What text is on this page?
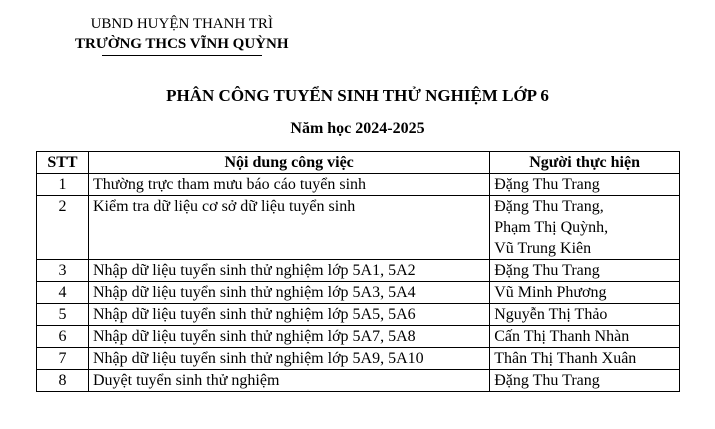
UBND HUYỆN THANH TRÌ
TRƯỜNG THCS VĨNH QUỲNH
PHÂN CÔNG TUYỂN SINH THỬ NGHIỆM LỚP 6
Năm học 2024-2025
STT	Nội dung công việc	Người thực hiện
1	Thường trực tham mưu báo cáo tuyển sinh	Đặng Thu Trang

2	Kiểm tra dữ liệu cơ sở dữ liệu tuyển sinh	Đặng Thu Trang,
Phạm Thị Quỳnh,
Vũ Trung Kiên

3	Nhập dữ liệu tuyển sinh thử nghiệm lớp 5A1, 5A2	Đặng Thu Trang

4	Nhập dữ liệu tuyển sinh thử nghiệm lớp 5A3, 5A4	Vũ Minh Phương

5	Nhập dữ liệu tuyển sinh thử nghiệm lớp 5A5, 5A6	Nguyễn Thị Thảo

6	Nhập dữ liệu tuyển sinh thử nghiệm lớp 5A7, 5A8	Cấn Thị Thanh Nhàn

7	Nhập dữ liệu tuyển sinh thử nghiệm lớp 5A9, 5A10	Thân Thị Thanh Xuân

8	Duyệt tuyển sinh thử nghiệm	Đặng Thu Trang
